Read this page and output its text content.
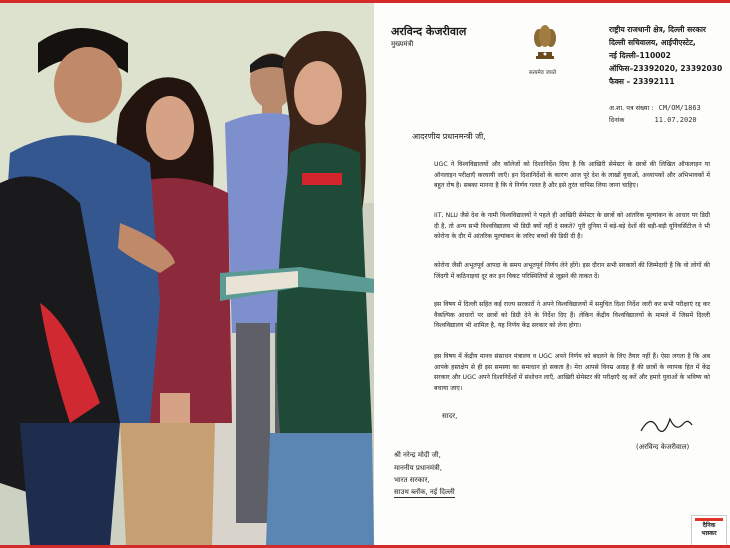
अरविन्द केजरीवाल
मुख्यमंत्री
सत्यमेव जयते
राष्ट्रीय राजधानी क्षेत्र, दिल्ली सरकार
दिल्ली सचिवालय, आईपीएस्टेट,
नई दिल्ली–110002
ऑफिस–23392020, 23392030
फैक्स – 23392111
अ.शा. पत्र संख्या : CM/OM/1863
दिनांक	11.07.2020
आदरणीय प्रधानमन्त्री जी,
UGC ने विश्वविद्यालयों और कॉलेजों को दिशानिर्देश दिया है कि आखिरी सेमेस्टर के छात्रों की लिखित ऑफलाइन या ऑनलाइन परीक्षाएँ करवायी जाएँ। इन दिशानिर्देशों के कारण आज पूरे देश के लाखों युवाओं, अध्यापकों और अभिभावकों में बहुत रोष है। सबका मानना है कि ये निर्णय गलत है और इसे तुरंत वापिस लिया जाना चाहिए।
IIT, NLU जैसे देश के नामी विश्वविद्यालयों ने पहले ही आखिरी सेमेस्टर के छात्रों को आंतरिक मूल्यांकन के आधार पर डिग्री दी है, तो अन्य सभी विश्वविद्यालय भी डिग्री क्यों नहीं दे सकते? पूरी दुनिया में बड़े-बड़े देशों की बड़ी-बड़ी यूनिवर्सिटीज ने भी कोरोना के दौर में आंतरिक मूल्यांकन के जरिए बच्चों की डिग्री दी है।
कोरोना जैसी अभूतपूर्व आपदा के समय अभूतपूर्व निर्णय लेने होंगे। इस दौरान सभी सरकारों की जिम्मेदारी है कि वो लोगों की जिंदगी में कठिनाइयां दूर कर इन विकट परिस्थितियों से जूझने की ताकत दें।
इस विषय में दिल्ली सहित कई राज्य सरकारों ने अपने विश्वविद्यालयों में समुचित दिशा निर्देश जारी कर सभी परीक्षाएं रद्द कर वैकल्पिक आधारों पर छात्रों को डिग्री देने के निर्देश दिए हैं। लेकिन केंद्रीय विश्वविद्यालयों के मामले में जिसमें दिल्ली विश्वविद्यालय भी शामिल है, यह निर्णय केंद्र सरकार को लेना होगा।
इस विषय में केंद्रीय मानव संसाधन मंत्रालय व UGC अपने निर्णय को बदलने के लिए तैयार नहीं हैं। ऐसा लगता है कि अब आपके हस्तक्षेप से ही इस समस्या का समाधान हो सकता है। मेरा आपसे विनम्र आग्रह है की छात्रों के व्यापक हित में केंद्र सरकार और UGC अपने दिशानिर्देशों में संशोधन लाएँ, आखिरी सेमेस्टर की परीक्षाएँ रद्द करें और हमारे युवाओं के भविष्य को बचाया जाए।
सादर,
(अरविन्द केजरीवाल)
श्री नरेन्द्र मोदी जी,
माननीय प्रधानमंत्री,
भारत सरकार,
साउथ ब्लॉक, नई दिल्ली
दैनिक
भास्कर
